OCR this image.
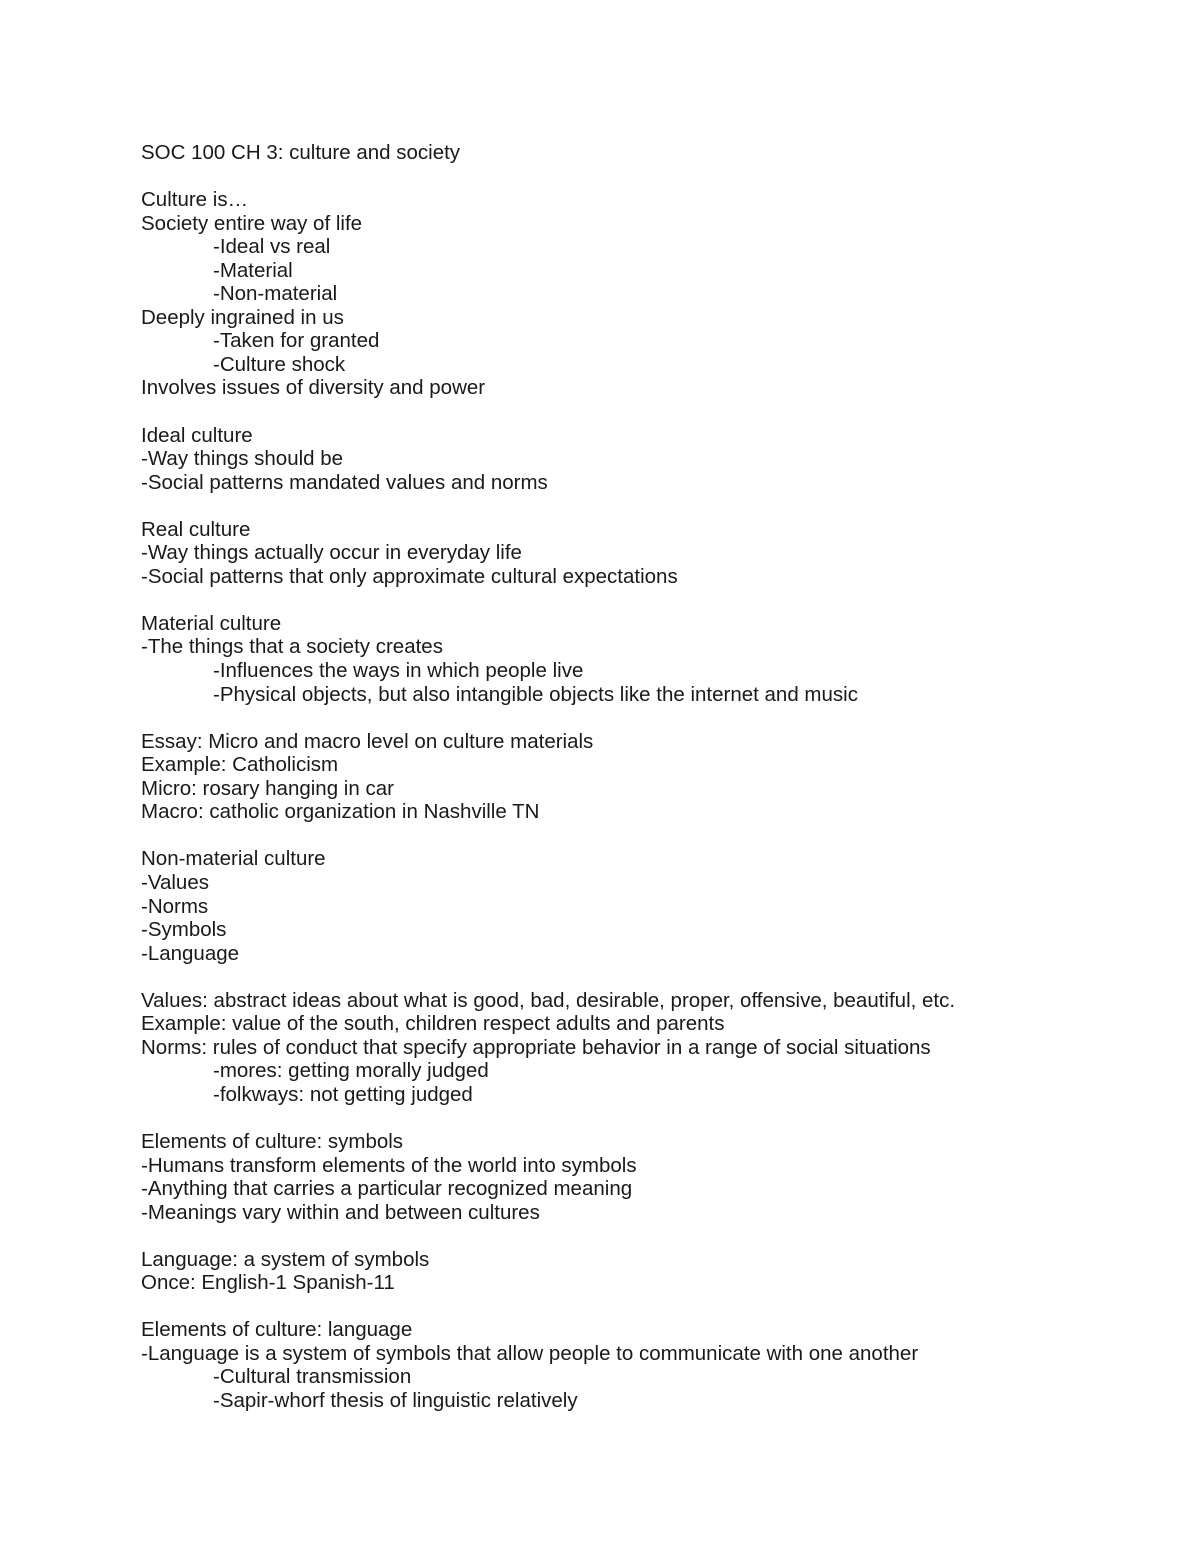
SOC 100 CH 3: culture and society
Culture is…
Society entire way of life
-Ideal vs real
-Material
-Non-material
Deeply ingrained in us
-Taken for granted
-Culture shock
Involves issues of diversity and power
Ideal culture
-Way things should be
-Social patterns mandated values and norms
Real culture
-Way things actually occur in everyday life
-Social patterns that only approximate cultural expectations
Material culture
-The things that a society creates
-Influences the ways in which people live
-Physical objects, but also intangible objects like the internet and music
Essay: Micro and macro level on culture materials
Example: Catholicism
Micro: rosary hanging in car
Macro: catholic organization in Nashville TN
Non-material culture
-Values
-Norms
-Symbols
-Language
Values: abstract ideas about what is good, bad, desirable, proper, offensive, beautiful, etc.
Example: value of the south, children respect adults and parents
Norms: rules of conduct that specify appropriate behavior in a range of social situations
-mores: getting morally judged
-folkways: not getting judged
Elements of culture: symbols
-Humans transform elements of the world into symbols
-Anything that carries a particular recognized meaning
-Meanings vary within and between cultures
Language: a system of symbols
Once: English-1 Spanish-11
Elements of culture: language
-Language is a system of symbols that allow people to communicate with one another
-Cultural transmission
-Sapir-whorf thesis of linguistic relatively
